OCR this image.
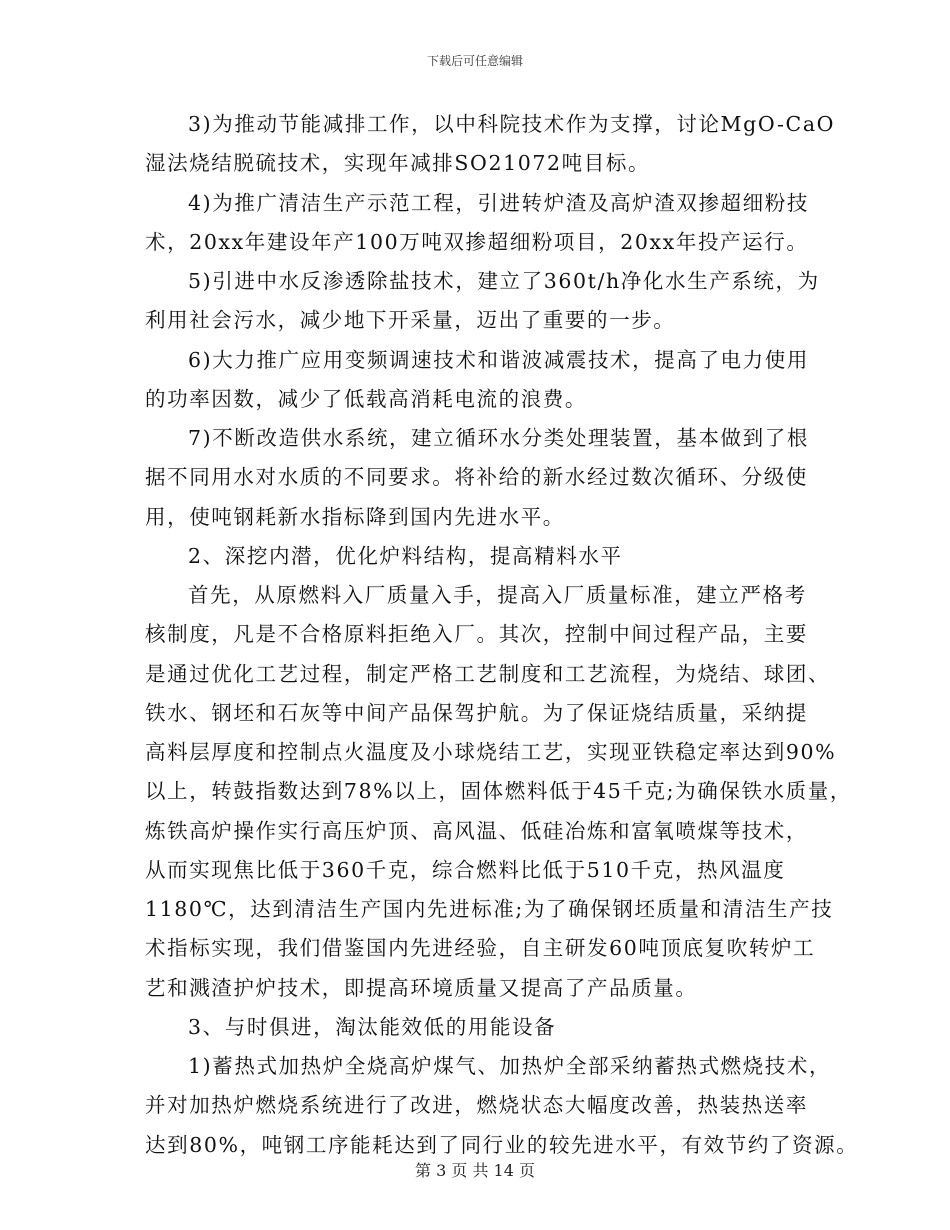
下载后可任意编辑
3)为推动节能减排工作，以中科院技术作为支撑，讨论MgO-CaO
湿法烧结脱硫技术，实现年减排SO21072吨目标。
4)为推广清洁生产示范工程，引进转炉渣及高炉渣双掺超细粉技
术，20xx年建设年产100万吨双掺超细粉项目，20xx年投产运行。
5)引进中水反渗透除盐技术，建立了360t/h净化水生产系统，为
利用社会污水，减少地下开采量，迈出了重要的一步。
6)大力推广应用变频调速技术和谐波减震技术，提高了电力使用
的功率因数，减少了低载高消耗电流的浪费。
7)不断改造供水系统，建立循环水分类处理装置，基本做到了根
据不同用水对水质的不同要求。将补给的新水经过数次循环、分级使
用，使吨钢耗新水指标降到国内先进水平。
2、深挖内潜，优化炉料结构，提高精料水平
首先，从原燃料入厂质量入手，提高入厂质量标准，建立严格考
核制度，凡是不合格原料拒绝入厂。其次，控制中间过程产品，主要
是通过优化工艺过程，制定严格工艺制度和工艺流程，为烧结、球团、
铁水、钢坯和石灰等中间产品保驾护航。为了保证烧结质量，采纳提
高料层厚度和控制点火温度及小球烧结工艺，实现亚铁稳定率达到90%
以上，转鼓指数达到78%以上，固体燃料低于45千克;为确保铁水质量，
炼铁高炉操作实行高压炉顶、高风温、低硅冶炼和富氧喷煤等技术，
从而实现焦比低于360千克，综合燃料比低于510千克，热风温度
1180℃，达到清洁生产国内先进标准;为了确保钢坯质量和清洁生产技
术指标实现，我们借鉴国内先进经验，自主研发60吨顶底复吹转炉工
艺和溅渣护炉技术，即提高环境质量又提高了产品质量。
3、与时俱进，淘汰能效低的用能设备
1)蓄热式加热炉全烧高炉煤气、加热炉全部采纳蓄热式燃烧技术，
并对加热炉燃烧系统进行了改进，燃烧状态大幅度改善，热装热送率
达到80%，吨钢工序能耗达到了同行业的较先进水平，有效节约了资源。
第 3 页 共 14 页
